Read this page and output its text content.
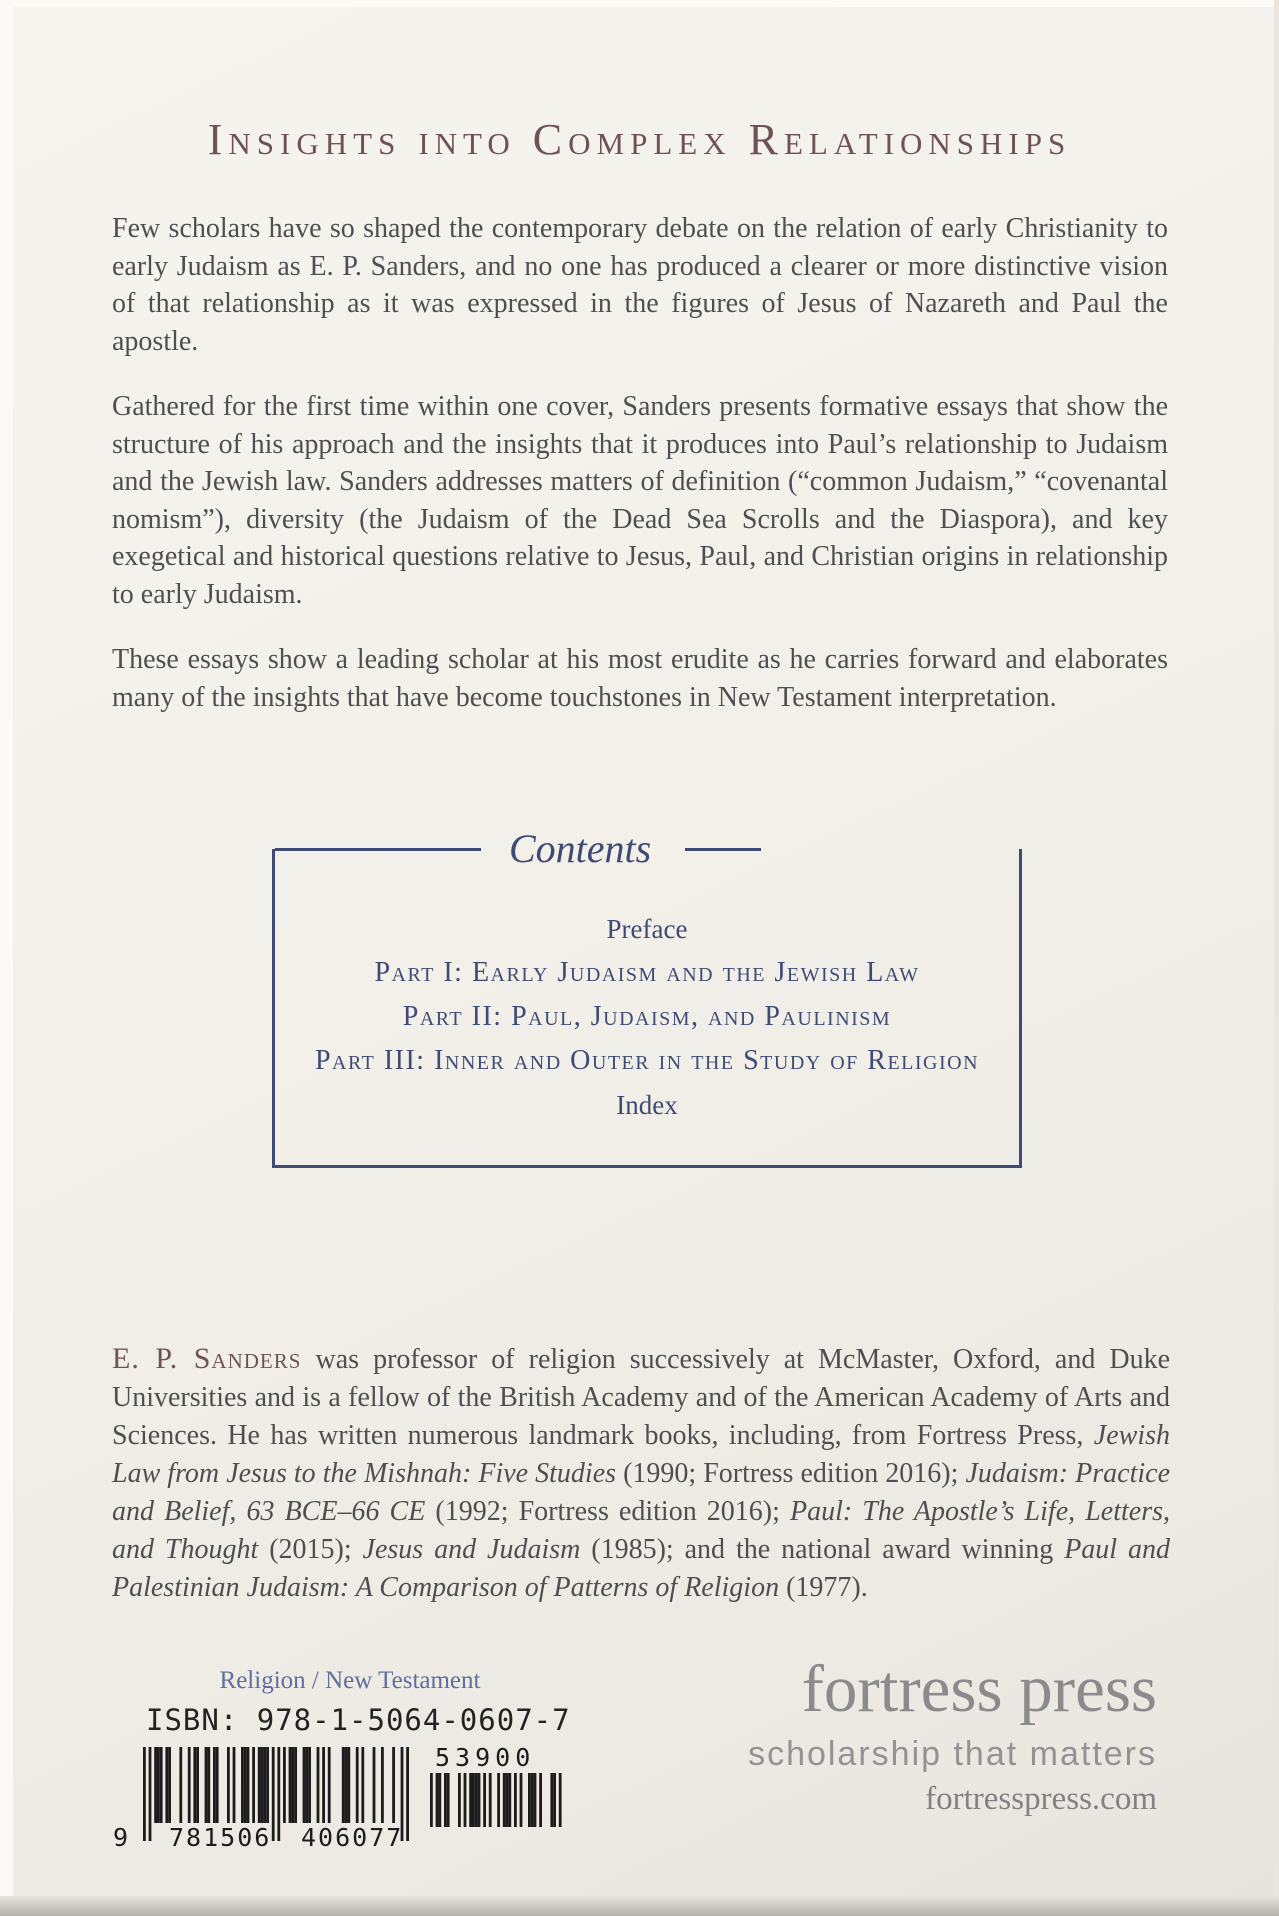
Insights into Complex Relationships
Few scholars have so shaped the contemporary debate on the relation of early Christianity to early Judaism as E. P. Sanders, and no one has produced a clearer or more distinctive vision of that relationship as it was expressed in the figures of Jesus of Nazareth and Paul the apostle.
Gathered for the first time within one cover, Sanders presents formative essays that show the structure of his approach and the insights that it produces into Paul’s relationship to Judaism and the Jewish law. Sanders addresses matters of definition (“common Judaism,” “covenantal nomism”), diversity (the Judaism of the Dead Sea Scrolls and the Diaspora), and key exegetical and historical questions relative to Jesus, Paul, and Christian origins in relationship to early Judaism.
These essays show a leading scholar at his most erudite as he carries forward and elaborates many of the insights that have become touchstones in New Testament interpretation.
Contents
Preface
Part I: Early Judaism and the Jewish Law
Part II: Paul, Judaism, and Paulinism
Part III: Inner and Outer in the Study of Religion
Index
E. P. Sanders was professor of religion successively at McMaster, Oxford, and Duke Universities and is a fellow of the British Academy and of the American Academy of Arts and Sciences. He has written numerous landmark books, including, from Fortress Press, Jewish Law from Jesus to the Mishnah: Five Studies (1990; Fortress edition 2016); Judaism: Practice and Belief, 63 BCE–66 CE (1992; Fortress edition 2016); Paul: The Apostle’s Life, Letters, and Thought (2015); Jesus and Judaism (1985); and the national award winning Paul and Palestinian Judaism: A Comparison of Patterns of Religion (1977).
Religion / New Testament
ISBN: 978-1-5064-0607-7
9 781506 406077
53900
fortress press
scholarship that matters
fortresspress.com
